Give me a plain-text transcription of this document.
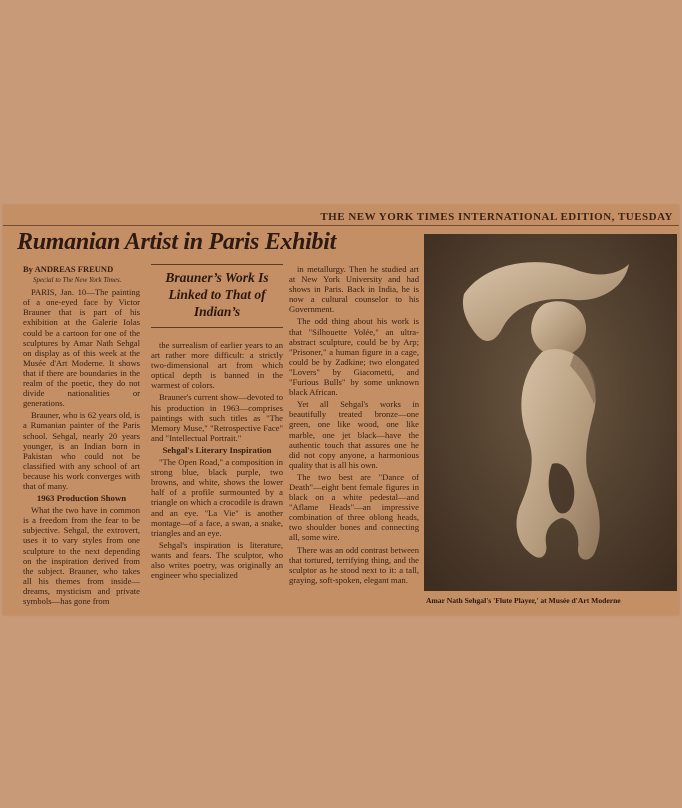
THE NEW YORK TIMES INTERNATIONAL EDITION, TUESDAY
Rumanian Artist in Paris Exhibit
By ANDREAS FREUND
Special to The New York Times.

PARIS, Jan. 10—The painting of a one-eyed face by Victor Brauner that is part of his exhibition at the Galerie Iolas could be a cartoon for one of the sculptures by Amar Nath Sehgal on display as of this week at the Musée d'Art Moderne. It shows that if there are boundaries in the realm of the poetic, they do not divide nationalities or generations.

Brauner, who is 62 years old, is a Rumanian painter of the Paris school. Sehgal, nearly 20 years younger, is an Indian born in Pakistan who could not be classified with any school of art because his work converges with that of many.

1963 Production Shown

What the two have in common is a freedom from the fear to be subjective. Sehgal, the extrovert, uses it to vary styles from one sculpture to the next depending on the inspiration derived from the subject. Brauner, who takes all his themes from inside—dreams, mysticism and private symbols—has gone from

Brauner’s Work Is Linked to That of Indian’s

the surrealism of earlier years to an art rather more difficult: a strictly two-dimensional art from which optical depth is banned in the warmest of colors.

Brauner's current show—devoted to his production in 1963—comprises paintings with such titles as "The Memory Muse," "Retrospective Face" and "Intellectual Portrait."

Sehgal's Literary Inspiration

"The Open Road," a composition in strong blue, black purple, two browns, and white, shows the lower half of a profile surmounted by a triangle on which a crocodile is drawn and an eye. "La Vie" is another montage—of a face, a swan, a snake, triangles and an eye.

Sehgal's inspiration is literature, wants and fears. The sculptor, who also writes poetry, was originally an engineer who specialized

in metallurgy. Then he studied art at New York University and had shows in Paris. Back in India, he is now a cultural counselor to his Government.

The odd thing about his work is that "Silhouette Volée," an ultra-abstract sculpture, could be by Arp; "Prisoner," a human figure in a cage, could be by Zadkine; two elongated "Lovers" by Giacometti, and "Furious Bulls" by some unknown black African.

Yet all Sehgal's works in beautifully treated bronze—one green, one like wood, one like marble, one jet black—have the authentic touch that assures one he did not copy anyone, a harmonious quality that is all his own.

The two best are "Dance of Death"—eight bent female figures in black on a white pedestal—and "Aflame Heads"—an impressive combination of three oblong heads, two shoulder bones and connecting all, some wire.

There was an odd contrast between that tortured, terrifying thing, and the sculptor as he stood next to it: a tall, graying, soft-spoken, elegant man.

Amar Nath Sehgal's 'Flute Player,' at Musée d'Art Moderne
